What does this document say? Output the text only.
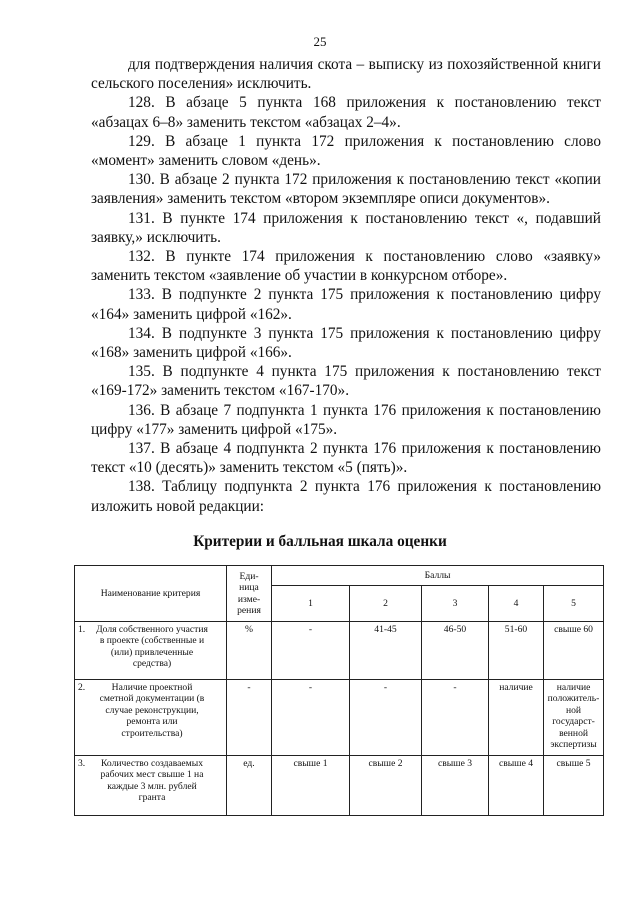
25

для подтверждения наличия скота – выписку из похозяйственной книги сельского поселения» исключить.

128. В абзаце 5 пункта 168 приложения к постановлению текст «абзацах 6–8» заменить текстом «абзацах 2–4».

129. В абзаце 1 пункта 172 приложения к постановлению слово «момент» заменить словом «день».

130. В абзаце 2 пункта 172 приложения к постановлению текст «копии заявления» заменить текстом «втором экземпляре описи документов».

131. В пункте 174 приложения к постановлению текст «, подавший заявку,» исключить.

132. В пункте 174 приложения к постановлению слово «заявку» заменить текстом «заявление об участии в конкурсном отборе».

133. В подпункте 2 пункта 175 приложения к постановлению цифру «164» заменить цифрой «162».

134. В подпункте 3 пункта 175 приложения к постановлению цифру «168» заменить цифрой «166».

135. В подпункте 4 пункта 175 приложения к постановлению текст «169-172» заменить текстом «167-170».

136. В абзаце 7 подпункта 1 пункта 176 приложения к постановлению цифру «177» заменить цифрой «175».

137. В абзаце 4 подпункта 2 пункта 176 приложения к постановлению текст «10 (десять)» заменить текстом «5 (пять)».

138. Таблицу подпункта 2 пункта 176 приложения к постановлению изложить новой редакции:

Критерии и балльная шкала оценки
Наименование критерия	Еди-ница изме-рения	Баллы				
		1	2	3	4	5
1. Доля собственного участия в проекте (собственные и (или) привлеченные средства)	%	-	41-45	46-50	51-60	свыше 60
2. Наличие проектной сметной документации (в случае реконструкции, ремонта или строительства)	-	-	-	-	наличие	наличие положитель-ной государст-венной экспертизы
3. Количество создаваемых рабочих мест свыше 1 на каждые 3 млн. рублей гранта	ед.	свыше 1	свыше 2	свыше 3	свыше 4	свыше 5
